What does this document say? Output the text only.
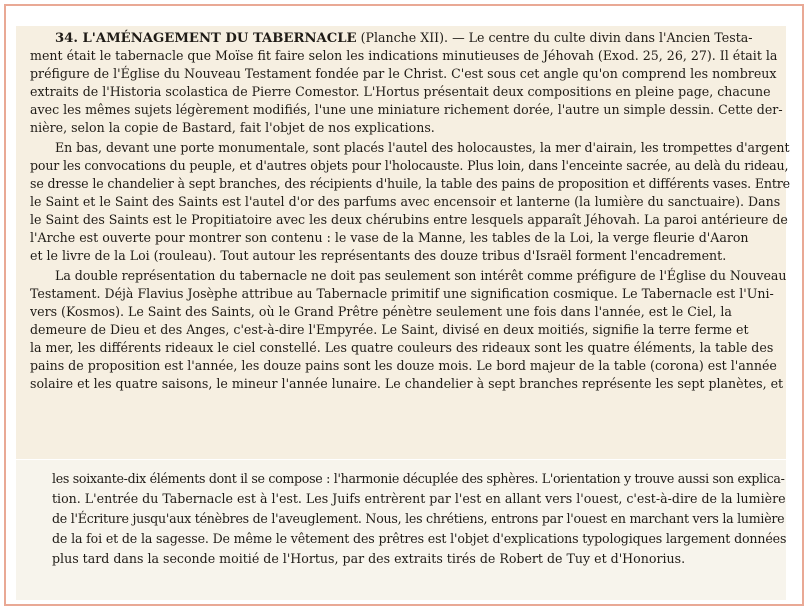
34. L'AMÉNAGEMENT DU TABERNACLE (Planche XII). — Le centre du culte divin dans l'Ancien Testa-
ment était le tabernacle que Moïse fit faire selon les indications minutieuses de Jéhovah (Exod. 25, 26, 27). Il était la
préfigure de l'Église du Nouveau Testament fondée par le Christ. C'est sous cet angle qu'on comprend les nombreux
extraits de l'Historia scolastica de Pierre Comestor. L'Hortus présentait deux compositions en pleine page, chacune
avec les mêmes sujets légèrement modifiés, l'une une miniature richement dorée, l'autre un simple dessin. Cette der-
nière, selon la copie de Bastard, fait l'objet de nos explications.
En bas, devant une porte monumentale, sont placés l'autel des holocaustes, la mer d'airain, les trompettes d'argent
pour les convocations du peuple, et d'autres objets pour l'holocauste. Plus loin, dans l'enceinte sacrée, au delà du rideau,
se dresse le chandelier à sept branches, des récipients d'huile, la table des pains de proposition et différents vases. Entre
le Saint et le Saint des Saints est l'autel d'or des parfums avec encensoir et lanterne (la lumière du sanctuaire). Dans
le Saint des Saints est le Propitiatoire avec les deux chérubins entre lesquels apparaît Jéhovah. La paroi antérieure de
l'Arche est ouverte pour montrer son contenu : le vase de la Manne, les tables de la Loi, la verge fleurie d'Aaron
et le livre de la Loi (rouleau). Tout autour les représentants des douze tribus d'Israël forment l'encadrement.
La double représentation du tabernacle ne doit pas seulement son intérêt comme préfigure de l'Église du Nouveau
Testament. Déjà Flavius Josèphe attribue au Tabernacle primitif une signification cosmique. Le Tabernacle est l'Uni-
vers (Kosmos). Le Saint des Saints, où le Grand Prêtre pénètre seulement une fois dans l'année, est le Ciel, la
demeure de Dieu et des Anges, c'est-à-dire l'Empyrée. Le Saint, divisé en deux moitiés, signifie la terre ferme et
la mer, les différents rideaux le ciel constellé. Les quatre couleurs des rideaux sont les quatre éléments, la table des
pains de proposition est l'année, les douze pains sont les douze mois. Le bord majeur de la table (corona) est l'année
solaire et les quatre saisons, le mineur l'année lunaire. Le chandelier à sept branches représente les sept planètes, et
les soixante-dix éléments dont il se compose : l'harmonie décuplée des sphères. L'orientation y trouve aussi son explica-
tion. L'entrée du Tabernacle est à l'est. Les Juifs entrèrent par l'est en allant vers l'ouest, c'est-à-dire de la lumière
de l'Écriture jusqu'aux ténèbres de l'aveuglement. Nous, les chrétiens, entrons par l'ouest en marchant vers la lumière
de la foi et de la sagesse. De même le vêtement des prêtres est l'objet d'explications typologiques largement données
plus tard dans la seconde moitié de l'Hortus, par des extraits tirés de Robert de Tuy et d'Honorius.
